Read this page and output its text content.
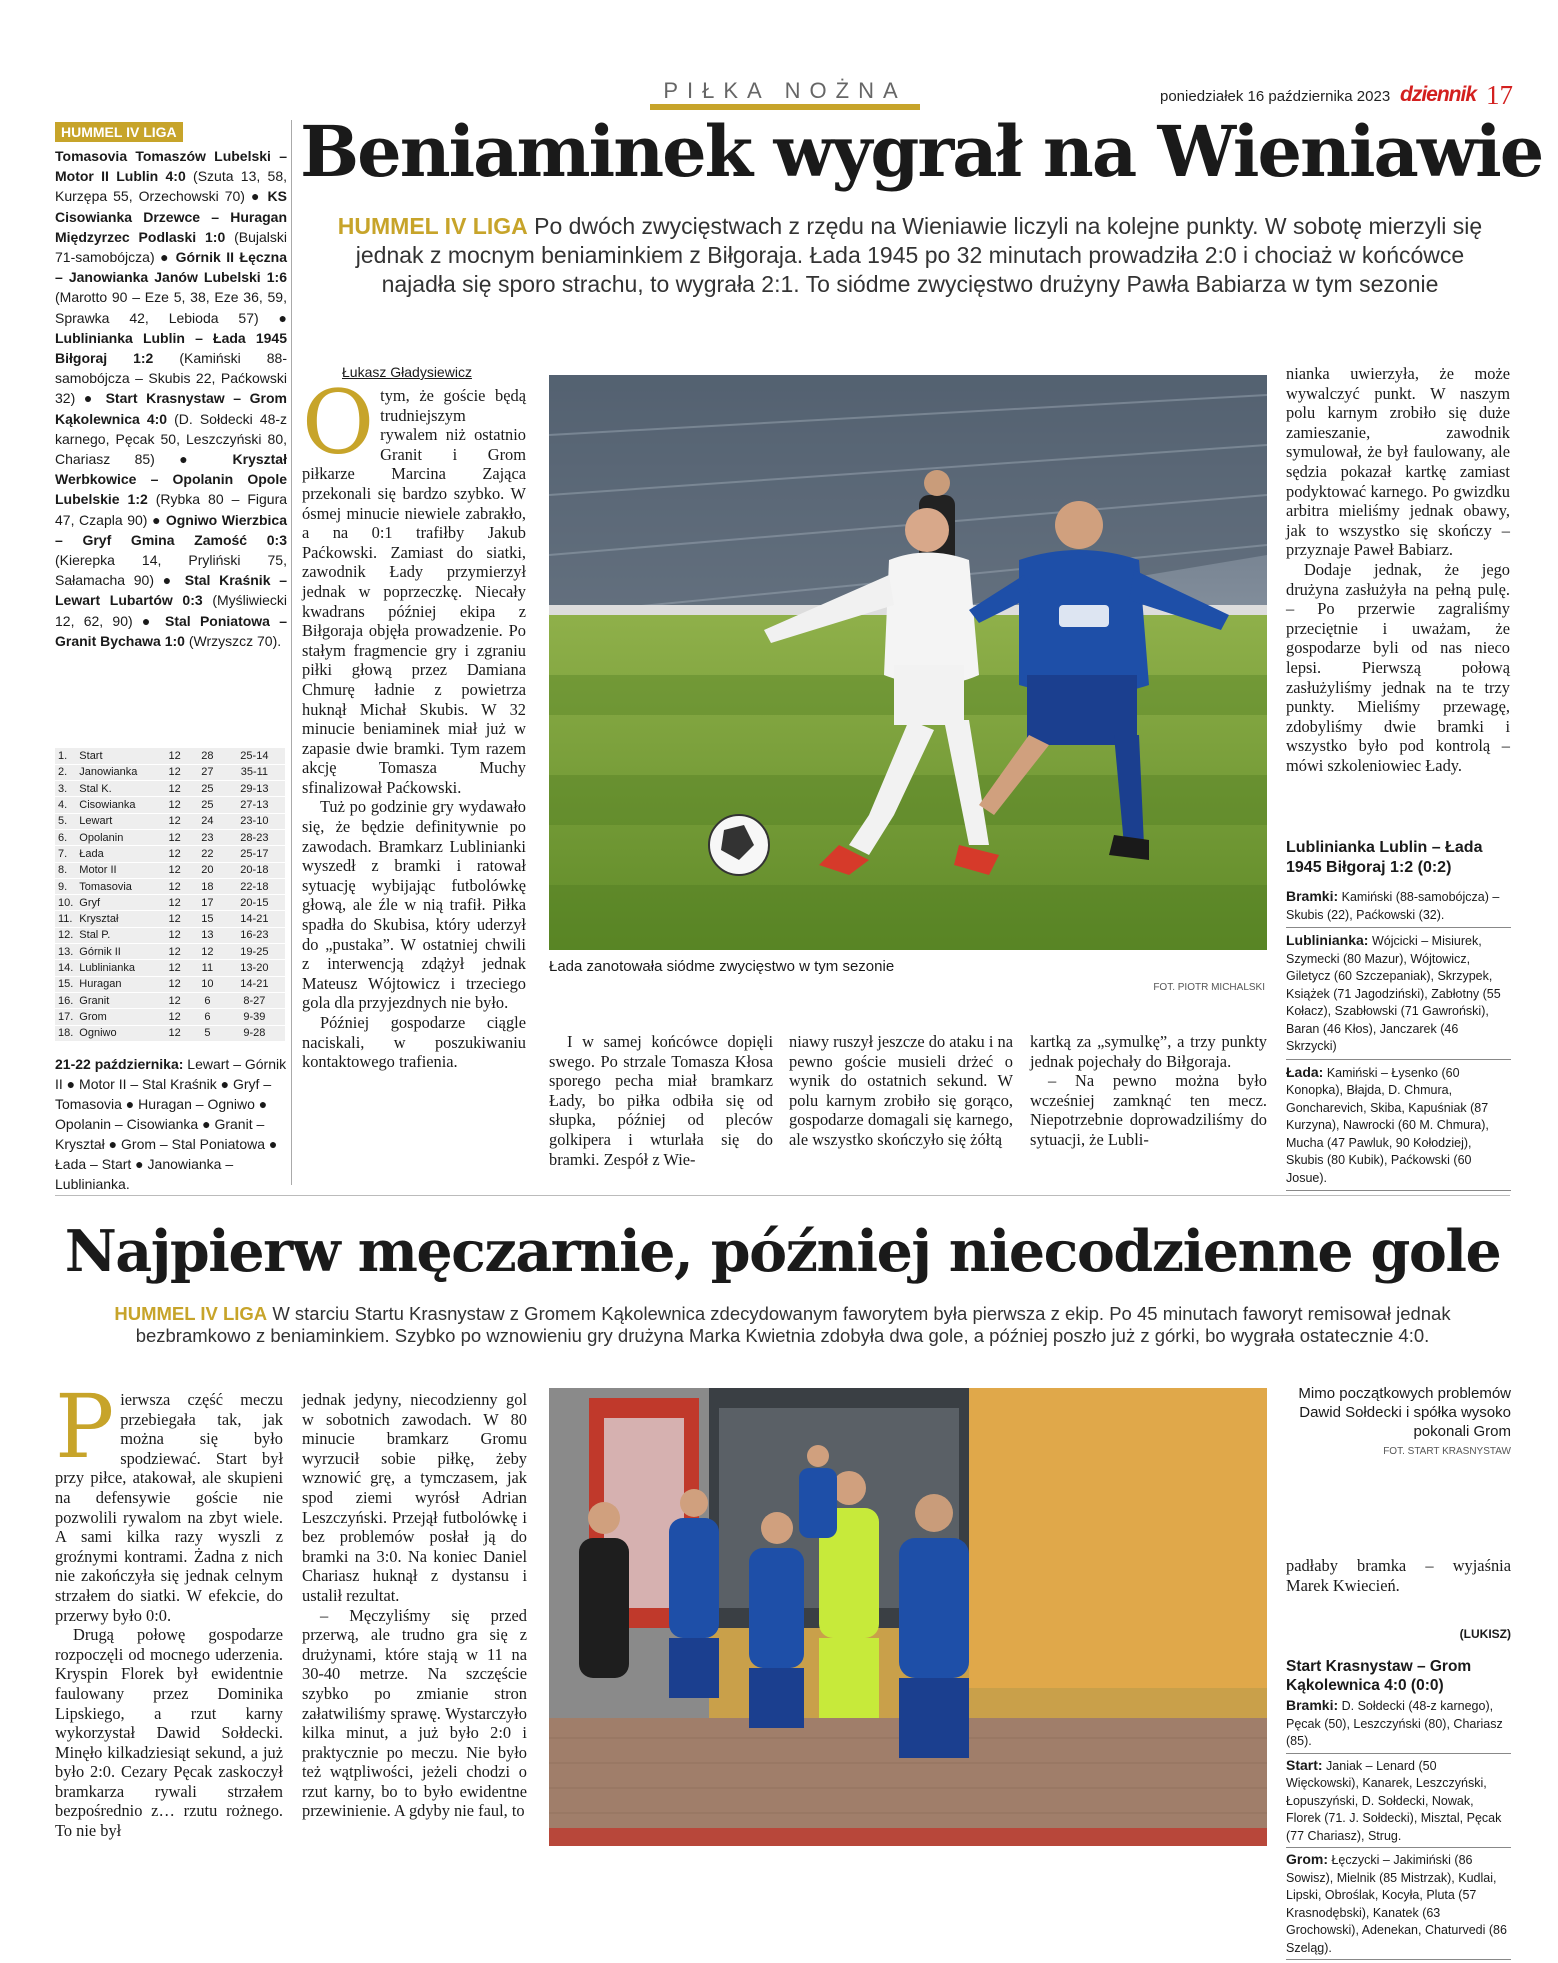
PIŁKA NOŻNA	poniedziałek 16 października 2023 dziennik 17
HUMMEL IV LIGA
Tomasovia Tomaszów Lubelski – Motor II Lublin 4:0 (Szuta 13, 58, Kurzępa 55, Orzechowski 70) ● KS Cisowianka Drzewce – Huragan Międzyrzec Podlaski 1:0 (Bujalski 71-samobójcza) ● Górnik II Łęczna – Janowianka Janów Lubelski 1:6 (Marotto 90 – Eze 5, 38, Eze 36, 59, Sprawka 42, Lebioda 57) ● Lublinianka Lublin – Łada 1945 Biłgoraj 1:2 (Kamiński 88-samobójcza – Skubis 22, Paćkowski 32) ● Start Krasnystaw – Grom Kąkolewnica 4:0 (D. Sołdecki 48-z karnego, Pęcak 50, Leszczyński 80, Chariasz 85) ● Kryształ Werbkowice – Opolanin Opole Lubelskie 1:2 (Rybka 80 – Figura 47, Czapla 90) ● Ogniwo Wierzbica – Gryf Gmina Zamość 0:3 (Kierepka 14, Pryliński 75, Sałamacha 90) ● Stal Kraśnik – Lewart Lubartów 0:3 (Myśliwiecki 12, 62, 90) ● Stal Poniatowa – Granit Bychawa 1:0 (Wrzyszcz 70).
1.	Start	12	28	25-14
2.	Janowianka	12	27	35-11
3.	Stal K.	12	25	29-13
4.	Cisowianka	12	25	27-13
5.	Lewart	12	24	23-10
6.	Opolanin	12	23	28-23
7.	Łada	12	22	25-17
8.	Motor II	12	20	20-18
9.	Tomasovia	12	18	22-18
10.	Gryf	12	17	20-15
11.	Kryształ	12	15	14-21
12.	Stal P.	12	13	16-23
13.	Górnik II	12	12	19-25
14.	Lublinianka	12	11	13-20
15.	Huragan	12	10	14-21
16.	Granit	12	6	8-27
17.	Grom	12	6	9-39
18.	Ogniwo	12	5	9-28
21-22 października: Lewart – Górnik II ● Motor II – Stal Kraśnik ● Gryf – Tomasovia ● Huragan – Ogniwo ● Opolanin – Cisowianka ● Granit – Kryształ ● Grom – Stal Poniatowa ● Łada – Start ● Janowianka – Lublinianka.
Beniaminek wygrał na Wieniawie
HUMMEL IV LIGA Po dwóch zwycięstwach z rzędu na Wieniawie liczyli na kolejne punkty. W sobotę mierzyli się jednak z mocnym beniaminkiem z Biłgoraja. Łada 1945 po 32 minutach prowadziła 2:0 i chociaż w końcówce najadła się sporo strachu, to wygrała 2:1. To siódme zwycięstwo drużyny Pawła Babiarza w tym sezonie
Łukasz Gładysiewicz

Otym, że goście będą trudniejszym rywalem niż ostatnio Granit i Grom piłkarze Marcina Zająca przekonali się bardzo szybko. W ósmej minucie niewiele zabrakło, a na 0:1 trafiłby Jakub Paćkowski. Zamiast do siatki, zawodnik Łady przymierzył jednak w poprzeczkę. Niecały kwadrans później ekipa z Biłgoraja objęła prowadzenie. Po stałym fragmencie gry i zgraniu piłki głową przez Damiana Chmurę ładnie z powietrza huknął Michał Skubis. W 32 minucie beniaminek miał już w zapasie dwie bramki. Tym razem akcję Tomasza Muchy sfinalizował Paćkowski.

Tuż po godzinie gry wydawało się, że będzie definitywnie po zawodach. Bramkarz Lublinianki wyszedł z bramki i ratował sytuację wybijając futbolówkę głową, ale źle w nią trafił. Piłka spadła do Skubisa, który uderzył do „pustaka”. W ostatniej chwili z interwencją zdążył jednak Mateusz Wójtowicz i trzeciego gola dla przyjezdnych nie było.

Później gospodarze ciągle naciskali, w poszukiwaniu kontaktowego trafienia.

Łada zanotowała siódme zwycięstwo w tym sezonie
FOT. PIOTR MICHALSKI

I w samej końcówce dopięli swego. Po strzale Tomasza Kłosa sporego pecha miał bramkarz Łady, bo piłka odbiła się od słupka, później od pleców golkipera i wturlała się do bramki. Zespół z Wie-

niawy ruszył jeszcze do ataku i na pewno goście musieli drżeć o wynik do ostatnich sekund. W polu karnym zrobiło się gorąco, gospodarze domagali się karnego, ale wszystko skończyło się żółtą

kartką za „symulkę”, a trzy punkty jednak pojechały do Biłgoraja.

– Na pewno można było wcześniej zamknąć ten mecz. Niepotrzebnie doprowadziliśmy do sytuacji, że Lubli-

nianka uwierzyła, że może wywalczyć punkt. W naszym polu karnym zrobiło się duże zamieszanie, zawodnik symulował, że był faulowany, ale sędzia pokazał kartkę zamiast podyktować karnego. Po gwizdku arbitra mieliśmy jednak obawy, jak to wszystko się skończy – przyznaje Paweł Babiarz.

Dodaje jednak, że jego drużyna zasłużyła na pełną pulę. – Po przerwie zagraliśmy przeciętnie i uważam, że gospodarze byli od nas nieco lepsi. Pierwszą połową zasłużyliśmy jednak na te trzy punkty. Mieliśmy przewagę, zdobyliśmy dwie bramki i wszystko było pod kontrolą – mówi szkoleniowiec Łady.

Lublinianka Lublin – Łada 1945 Biłgoraj 1:2 (0:2)
Bramki: Kamiński (88-samobójcza) – Skubis (22), Paćkowski (32).
Lublinianka: Wójcicki – Misiurek, Szymecki (80 Mazur), Wójtowicz, Giletycz (60 Szczepaniak), Skrzypek, Książek (71 Jagodziński), Zabłotny (55 Kołacz), Szabłowski (71 Gawroński), Baran (46 Kłos), Janczarek (46 Skrzycki)
Łada: Kamiński – Łysenko (60 Konopka), Błajda, D. Chmura, Goncharevich, Skiba, Kapuśniak (87 Kurzyna), Nawrocki (60 M. Chmura), Mucha (47 Pawluk, 90 Kołodziej), Skubis (80 Kubik), Paćkowski (60 Josue).
Najpierw męczarnie, później niecodzienne gole
HUMMEL IV LIGA W starciu Startu Krasnystaw z Gromem Kąkolewnica zdecydowanym faworytem była pierwsza z ekip. Po 45 minutach faworyt remisował jednak bezbramkowo z beniaminkiem. Szybko po wznowieniu gry drużyna Marka Kwietnia zdobyła dwa gole, a później poszło już z górki, bo wygrała ostatecznie 4:0.

Pierwsza część meczu przebiegała tak, jak można się było spodziewać. Start był przy piłce, atakował, ale skupieni na defensywie goście nie pozwolili rywalom na zbyt wiele. A sami kilka razy wyszli z groźnymi kontrami. Żadna z nich nie zakończyła się jednak celnym strzałem do siatki. W efekcie, do przerwy było 0:0.

Drugą połowę gospodarze rozpoczęli od mocnego uderzenia. Kryspin Florek był ewidentnie faulowany przez Dominika Lipskiego, a rzut karny wykorzystał Dawid Sołdecki. Minęło kilkadziesiąt sekund, a już było 2:0. Cezary Pęcak zaskoczył bramkarza rywali strzałem bezpośrednio z… rzutu rożnego. To nie był

jednak jedyny, niecodzienny gol w sobotnich zawodach. W 80 minucie bramkarz Gromu wyrzucił sobie piłkę, żeby wznowić grę, a tymczasem, jak spod ziemi wyrósł Adrian Leszczyński. Przejął futbolówkę i bez problemów posłał ją do bramki na 3:0. Na koniec Daniel Chariasz huknął z dystansu i ustalił rezultat.

– Męczyliśmy się przed przerwą, ale trudno gra się z drużynami, które stają w 11 na 30-40 metrze. Na szczęście szybko po zmianie stron załatwiliśmy sprawę. Wystarczyło kilka minut, a już było 2:0 i praktycznie po meczu. Nie było też wątpliwości, jeżeli chodzi o rzut karny, bo to było ewidentne przewinienie. A gdyby nie faul, to

Mimo początkowych problemów Dawid Sołdecki i spółka wysoko pokonali Grom
FOT. START KRASNYSTAW

padłaby bramka – wyjaśnia Marek Kwiecień.

(LUKISZ)
Start Krasnystaw – Grom Kąkolewnica 4:0 (0:0)
Bramki: D. Sołdecki (48-z karnego), Pęcak (50), Leszczyński (80), Chariasz (85).
Start: Janiak – Lenard (50 Więckowski), Kanarek, Leszczyński, Łopuszyński, D. Sołdecki, Nowak, Florek (71. J. Sołdecki), Misztal, Pęcak (77 Chariasz), Strug.
Grom: Łęczycki – Jakimiński (86 Sowisz), Mielnik (85 Mistrzak), Kudlai, Lipski, Obroślak, Kocyła, Pluta (57 Krasnodębski), Kanatek (63 Grochowski), Adenekan, Chaturvedi (86 Szeląg).
